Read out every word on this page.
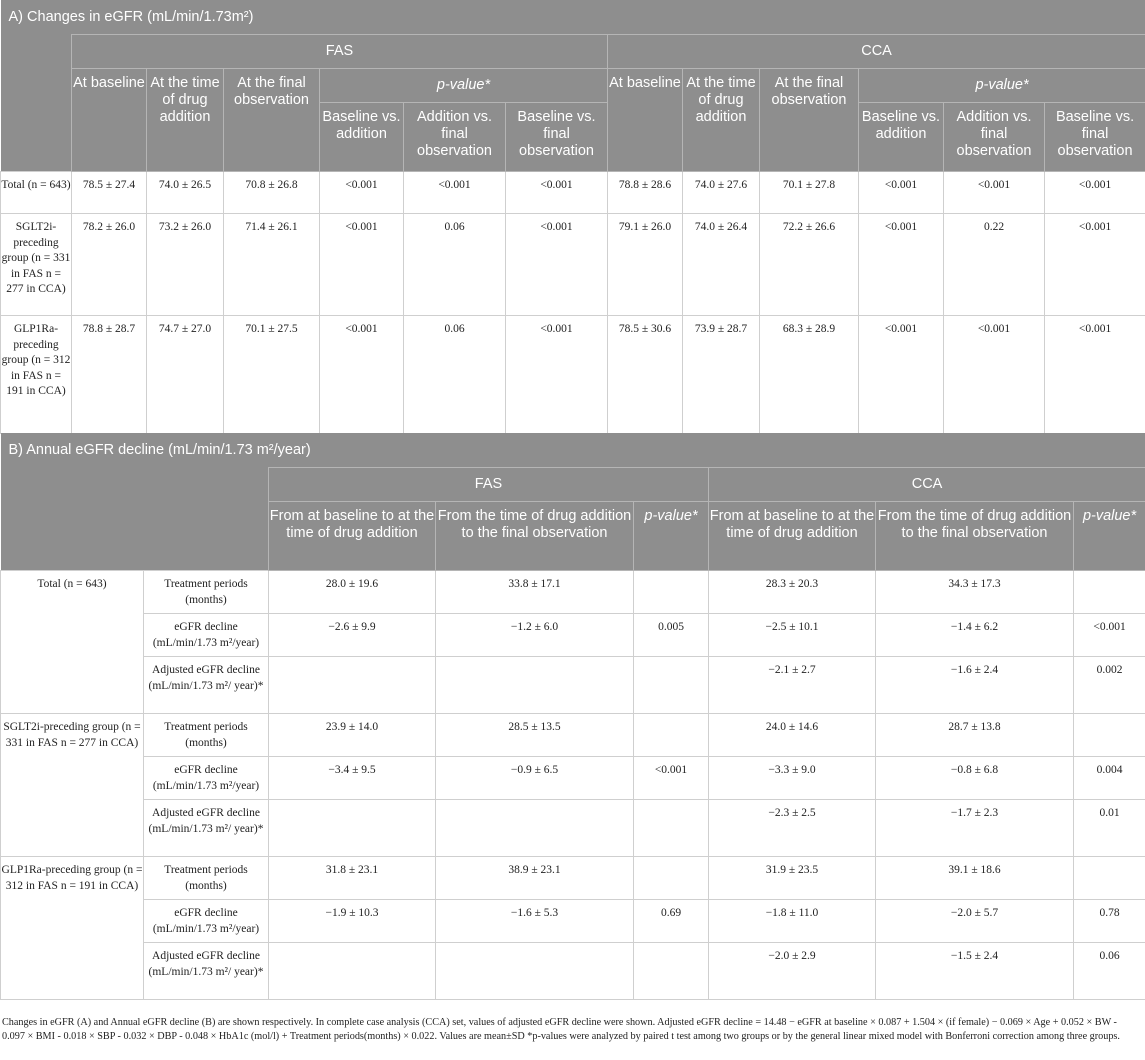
A) Changes in eGFR (mL/min/1.73m²)												
	FAS						CCA					
	At baseline	At the time of drug addition	At the final observation	p-value*			At baseline	At the time of drug addition	At the final observation	p-value*		
				Baseline vs. addition	Addition vs. final observation	Baseline vs. final observation				Baseline vs. addition	Addition vs. final observation	Baseline vs. final observation
Total (n = 643)	78.5 ± 27.4	74.0 ± 26.5	70.8 ± 26.8	<0.001	<0.001	<0.001	78.8 ± 28.6	74.0 ± 27.6	70.1 ± 27.8	<0.001	<0.001	<0.001
SGLT2i-preceding group (n = 331 in FAS n = 277 in CCA)	78.2 ± 26.0	73.2 ± 26.0	71.4 ± 26.1	<0.001	0.06	<0.001	79.1 ± 26.0	74.0 ± 26.4	72.2 ± 26.6	<0.001	0.22	<0.001
GLP1Ra-preceding group (n = 312 in FAS n = 191 in CCA)	78.8 ± 28.7	74.7 ± 27.0	70.1 ± 27.5	<0.001	0.06	<0.001	78.5 ± 30.6	73.9 ± 28.7	68.3 ± 28.9	<0.001	<0.001	<0.001
B) Annual eGFR decline (mL/min/1.73 m²/year)							
		FAS			CCA		
		From at baseline to at the time of drug addition	From the time of drug addition to the final observation	p-value*	From at baseline to at the time of drug addition	From the time of drug addition to the final observation	p-value*
Total (n = 643)	Treatment periods (months)	28.0 ± 19.6	33.8 ± 17.1		28.3 ± 20.3	34.3 ± 17.3	
	eGFR decline (mL/min/1.73 m²/year)	−2.6 ± 9.9	−1.2 ± 6.0	0.005	−2.5 ± 10.1	−1.4 ± 6.2	<0.001
	Adjusted eGFR decline (mL/min/1.73 m²/ year)*				−2.1 ± 2.7	−1.6 ± 2.4	0.002
SGLT2i-preceding group (n = 331 in FAS n = 277 in CCA)	Treatment periods (months)	23.9 ± 14.0	28.5 ± 13.5		24.0 ± 14.6	28.7 ± 13.8	
	eGFR decline (mL/min/1.73 m²/year)	−3.4 ± 9.5	−0.9 ± 6.5	<0.001	−3.3 ± 9.0	−0.8 ± 6.8	0.004
	Adjusted eGFR decline (mL/min/1.73 m²/ year)*				−2.3 ± 2.5	−1.7 ± 2.3	0.01
GLP1Ra-preceding group (n = 312 in FAS n = 191 in CCA)	Treatment periods (months)	31.8 ± 23.1	38.9 ± 23.1		31.9 ± 23.5	39.1 ± 18.6	
	eGFR decline (mL/min/1.73 m²/year)	−1.9 ± 10.3	−1.6 ± 5.3	0.69	−1.8 ± 11.0	−2.0 ± 5.7	0.78
	Adjusted eGFR decline (mL/min/1.73 m²/ year)*				−2.0 ± 2.9	−1.5 ± 2.4	0.06
Changes in eGFR (A) and Annual eGFR decline (B) are shown respectively. In complete case analysis (CCA) set, values of adjusted eGFR decline were shown. Adjusted eGFR decline = 14.48 − eGFR at baseline × 0.087 + 1.504 × (if female) − 0.069 × Age + 0.052 × BW - 0.097 × BMI - 0.018 × SBP - 0.032 × DBP - 0.048 × HbA1c (mol/l) + Treatment periods(months) × 0.022. Values are mean±SD *p-values were analyzed by paired t test among two groups or by the general linear mixed model with Bonferroni correction among three groups.
